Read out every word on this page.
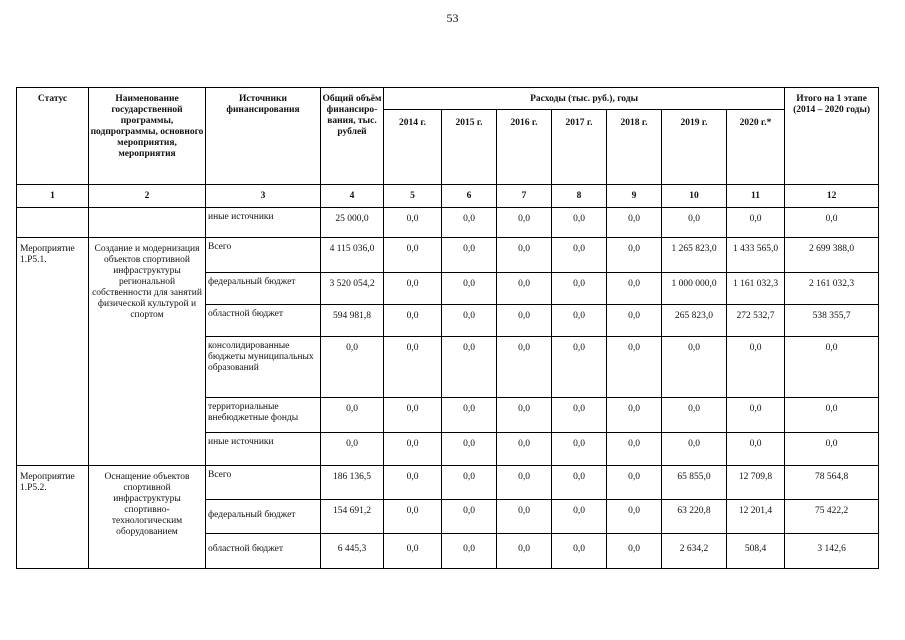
53
Статус	Наименование государственной программы, подпрограммы, основного мероприятия, мероприятия	Источники финансирования	Общий объём финансиро-вания, тыс. рублей	Расходы (тыс. руб.), годы							Итого на 1 этапе (2014 – 2020 годы)
				2014 г.	2015 г.	2016 г.	2017 г.	2018 г.	2019 г.	2020 г.*	
1	2	3	4	5	6	7	8	9	10	11	12
		иные источники	25 000,0	0,0	0,0	0,0	0,0	0,0	0,0	0,0	0,0
Мероприятие 1.Р5.1.	Создание и модернизация объектов спортивной инфраструктуры региональной собственности для занятий физической культурой и спортом	Всего	4 115 036,0	0,0	0,0	0,0	0,0	0,0	1 265 823,0	1 433 565,0	2 699 388,0
		федеральный бюджет	3 520 054,2	0,0	0,0	0,0	0,0	0,0	1 000 000,0	1 161 032,3	2 161 032,3
		областной бюджет	594 981,8	0,0	0,0	0,0	0,0	0,0	265 823,0	272 532,7	538 355,7
		консолидированные бюджеты муниципальных образований	0,0	0,0	0,0	0,0	0,0	0,0	0,0	0,0	0,0
		территориальные внебюджетные фонды	0,0	0,0	0,0	0,0	0,0	0,0	0,0	0,0	0,0
		иные источники	0,0	0,0	0,0	0,0	0,0	0,0	0,0	0,0	0,0
Мероприятие 1.Р5.2.	Оснащение объектов спортивной инфраструктуры спортивно-технологическим оборудованием	Всего	186 136,5	0,0	0,0	0,0	0,0	0,0	65 855,0	12 709,8	78 564,8
		федеральный бюджет	154 691,2	0,0	0,0	0,0	0,0	0,0	63 220,8	12 201,4	75 422,2
		областной бюджет	6 445,3	0,0	0,0	0,0	0,0	0,0	2 634,2	508,4	3 142,6
